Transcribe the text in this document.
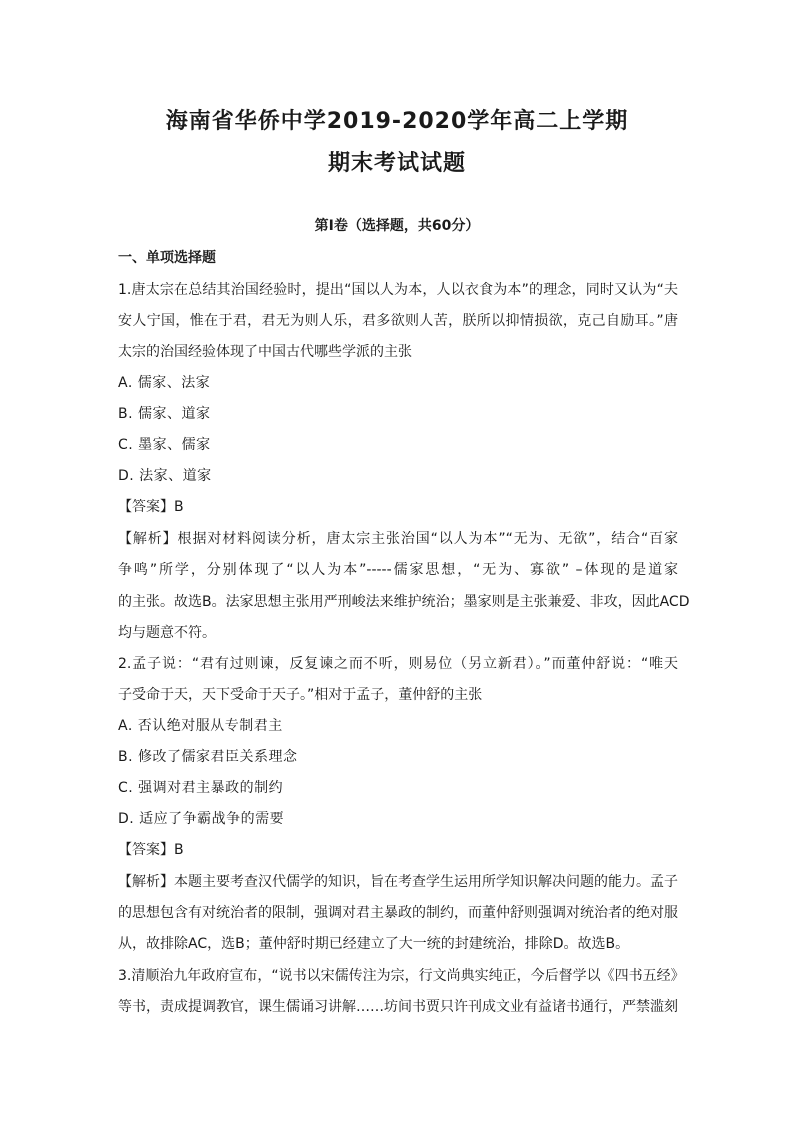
海南省华侨中学2019-2020学年高二上学期
期末考试试题
第Ⅰ卷（选择题，共60分）
一、单项选择题
1.唐太宗在总结其治国经验时，提出“国以人为本，人以衣食为本”的理念，同时又认为“夫
安人宁国，惟在于君，君无为则人乐，君多欲则人苦，朕所以抑情损欲，克己自励耳。”唐
太宗的治国经验体现了中国古代哪些学派的主张
A. 儒家、法家
B. 儒家、道家
C. 墨家、儒家
D. 法家、道家
【答案】B
【解析】根据对材料阅读分析，唐太宗主张治国“以人为本”“无为、无欲”，结合“百家
争鸣”所学，分别体现了“以人为本”-----儒家思想，“无为、寡欲” –体现的是道家
的主张。故选B。法家思想主张用严刑峻法来维护统治；墨家则是主张兼爱、非攻，因此ACD
均与题意不符。
2.孟子说：“君有过则谏，反复谏之而不听，则易位（另立新君）。”而董仲舒说：“唯天
子受命于天，天下受命于天子。”相对于孟子，董仲舒的主张
A. 否认绝对服从专制君主
B. 修改了儒家君臣关系理念
C. 强调对君主暴政的制约
D. 适应了争霸战争的需要
【答案】B
【解析】本题主要考查汉代儒学的知识，旨在考查学生运用所学知识解决问题的能力。孟子
的思想包含有对统治者的限制，强调对君主暴政的制约，而董仲舒则强调对统治者的绝对服
从，故排除AC，选B；董仲舒时期已经建立了大一统的封建统治，排除D。故选B。
3.清顺治九年政府宣布，“说书以宋儒传注为宗，行文尚典实纯正，今后督学以《四书五经》
等书，责成提调教官，课生儒诵习讲解……坊间书贾只许刊成文业有益诸书通行，严禁滥刻
